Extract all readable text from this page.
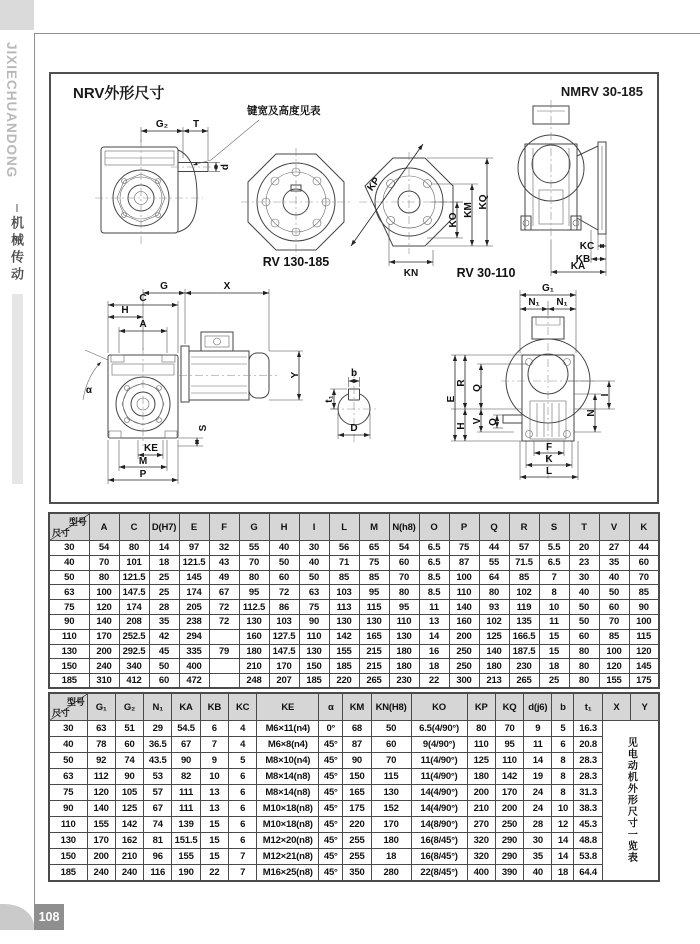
JIXIECHUANDONG
机械传动
NRV外形尺寸	NMRV 30-185
G₂ T
d
键宽及高度见表
RV 130-185
KP
KO
KM
KQ
KN	RV 30-110
KC
KB
KA
G	X
C
H
A
α
Y
S
KE
M
P
b
t₁
D
G₁
N₁ N₁
E
R
Q
H
V O
I
N
F
K
L
型号
尺寸	A	C	D(H7)	E	F	G	H	I	L	M	N(h8)	O	P	Q	R	S	T	V	K
30	54	80	14	97	32	55	40	30	56	65	54	6.5	75	44	57	5.5	20	27	44
40	70	101	18	121.5	43	70	50	40	71	75	60	6.5	87	55	71.5	6.5	23	35	60
50	80	121.5	25	145	49	80	60	50	85	85	70	8.5	100	64	85	7	30	40	70
63	100	147.5	25	174	67	95	72	63	103	95	80	8.5	110	80	102	8	40	50	85
75	120	174	28	205	72	112.5	86	75	113	115	95	11	140	93	119	10	50	60	90
90	140	208	35	238	72	130	103	90	130	130	110	13	160	102	135	11	50	70	100
110	170	252.5	42	294		160	127.5	110	142	165	130	14	200	125	166.5	15	60	85	115
130	200	292.5	45	335	79	180	147.5	130	155	215	180	16	250	140	187.5	15	80	100	120
150	240	340	50	400		210	170	150	185	215	180	18	250	180	230	18	80	120	145
185	310	412	60	472		248	207	185	220	265	230	22	300	213	265	25	80	155	175
型号
尺寸	G₁	G₂	N₁	KA	KB	KC	KE	α	KM	KN(H8)	KO	KP	KQ	d(j6)	b	t₁	X	Y
30	63	51	29	54.5	6	4	M6×11(n4)	0°	68	50	6.5(4/90°)	80	70	9	5	16.3	见电动机外形尺寸一览表	
40	78	60	36.5	67	7	4	M6×8(n4)	45°	87	60	9(4/90°)	110	95	11	6	20.8		
50	92	74	43.5	90	9	5	M8×10(n4)	45°	90	70	11(4/90°)	125	110	14	8	28.3		
63	112	90	53	82	10	6	M8×14(n8)	45°	150	115	11(4/90°)	180	142	19	8	28.3		
75	120	105	57	111	13	6	M8×14(n8)	45°	165	130	14(4/90°)	200	170	24	8	31.3		
90	140	125	67	111	13	6	M10×18(n8)	45°	175	152	14(4/90°)	210	200	24	10	38.3		
110	155	142	74	139	15	6	M10×18(n8)	45°	220	170	14(8/90°)	270	250	28	12	45.3		
130	170	162	81	151.5	15	6	M12×20(n8)	45°	255	180	16(8/45°)	320	290	30	14	48.8		
150	200	210	96	155	15	7	M12×21(n8)	45°	255	18	16(8/45°)	320	290	35	14	53.8		
185	240	240	116	190	22	7	M16×25(n8)	45°	350	280	22(8/45°)	400	390	40	18	64.4		
108
